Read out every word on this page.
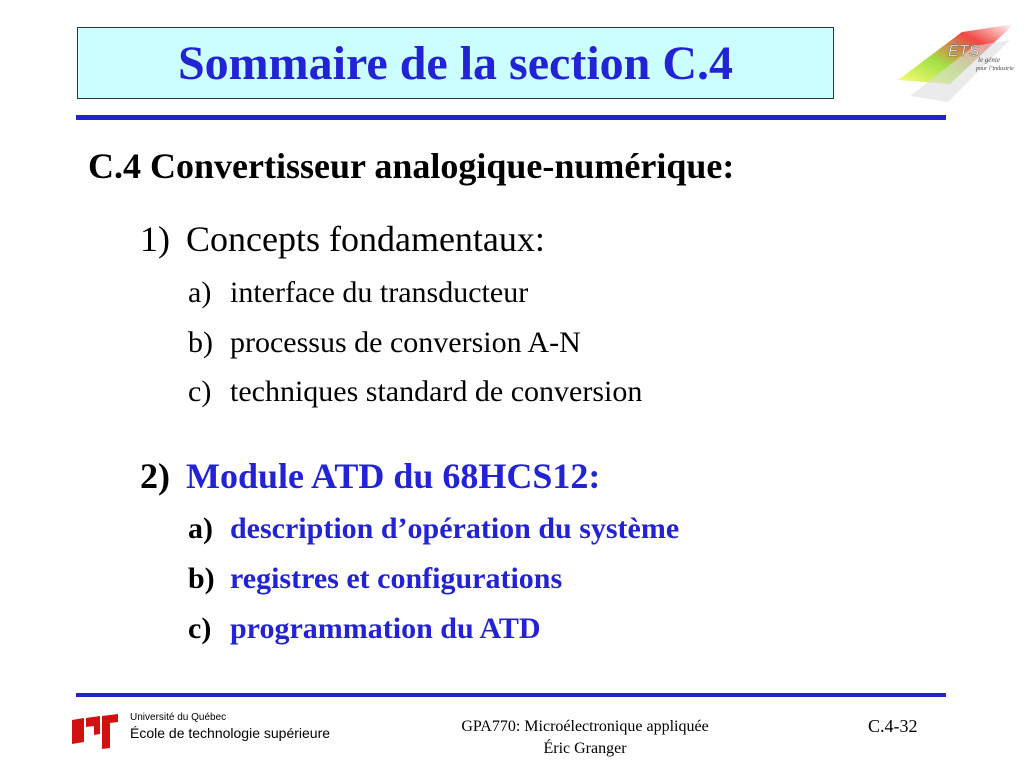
Sommaire de la section C.4	ÉTS
le génie
pour l’industrie
C.4 Convertisseur analogique-numérique:
1) Concepts fondamentaux:
a) interface du transducteur
b) processus de conversion A-N
c) techniques standard de conversion
2) Module ATD du 68HCS12:
a) description d’opération du système
b) registres et configurations
c) programmation du ATD
Université du Québec
École de technologie supérieure	GPA770: Microélectronique appliquée
Éric Granger
C.4-32
